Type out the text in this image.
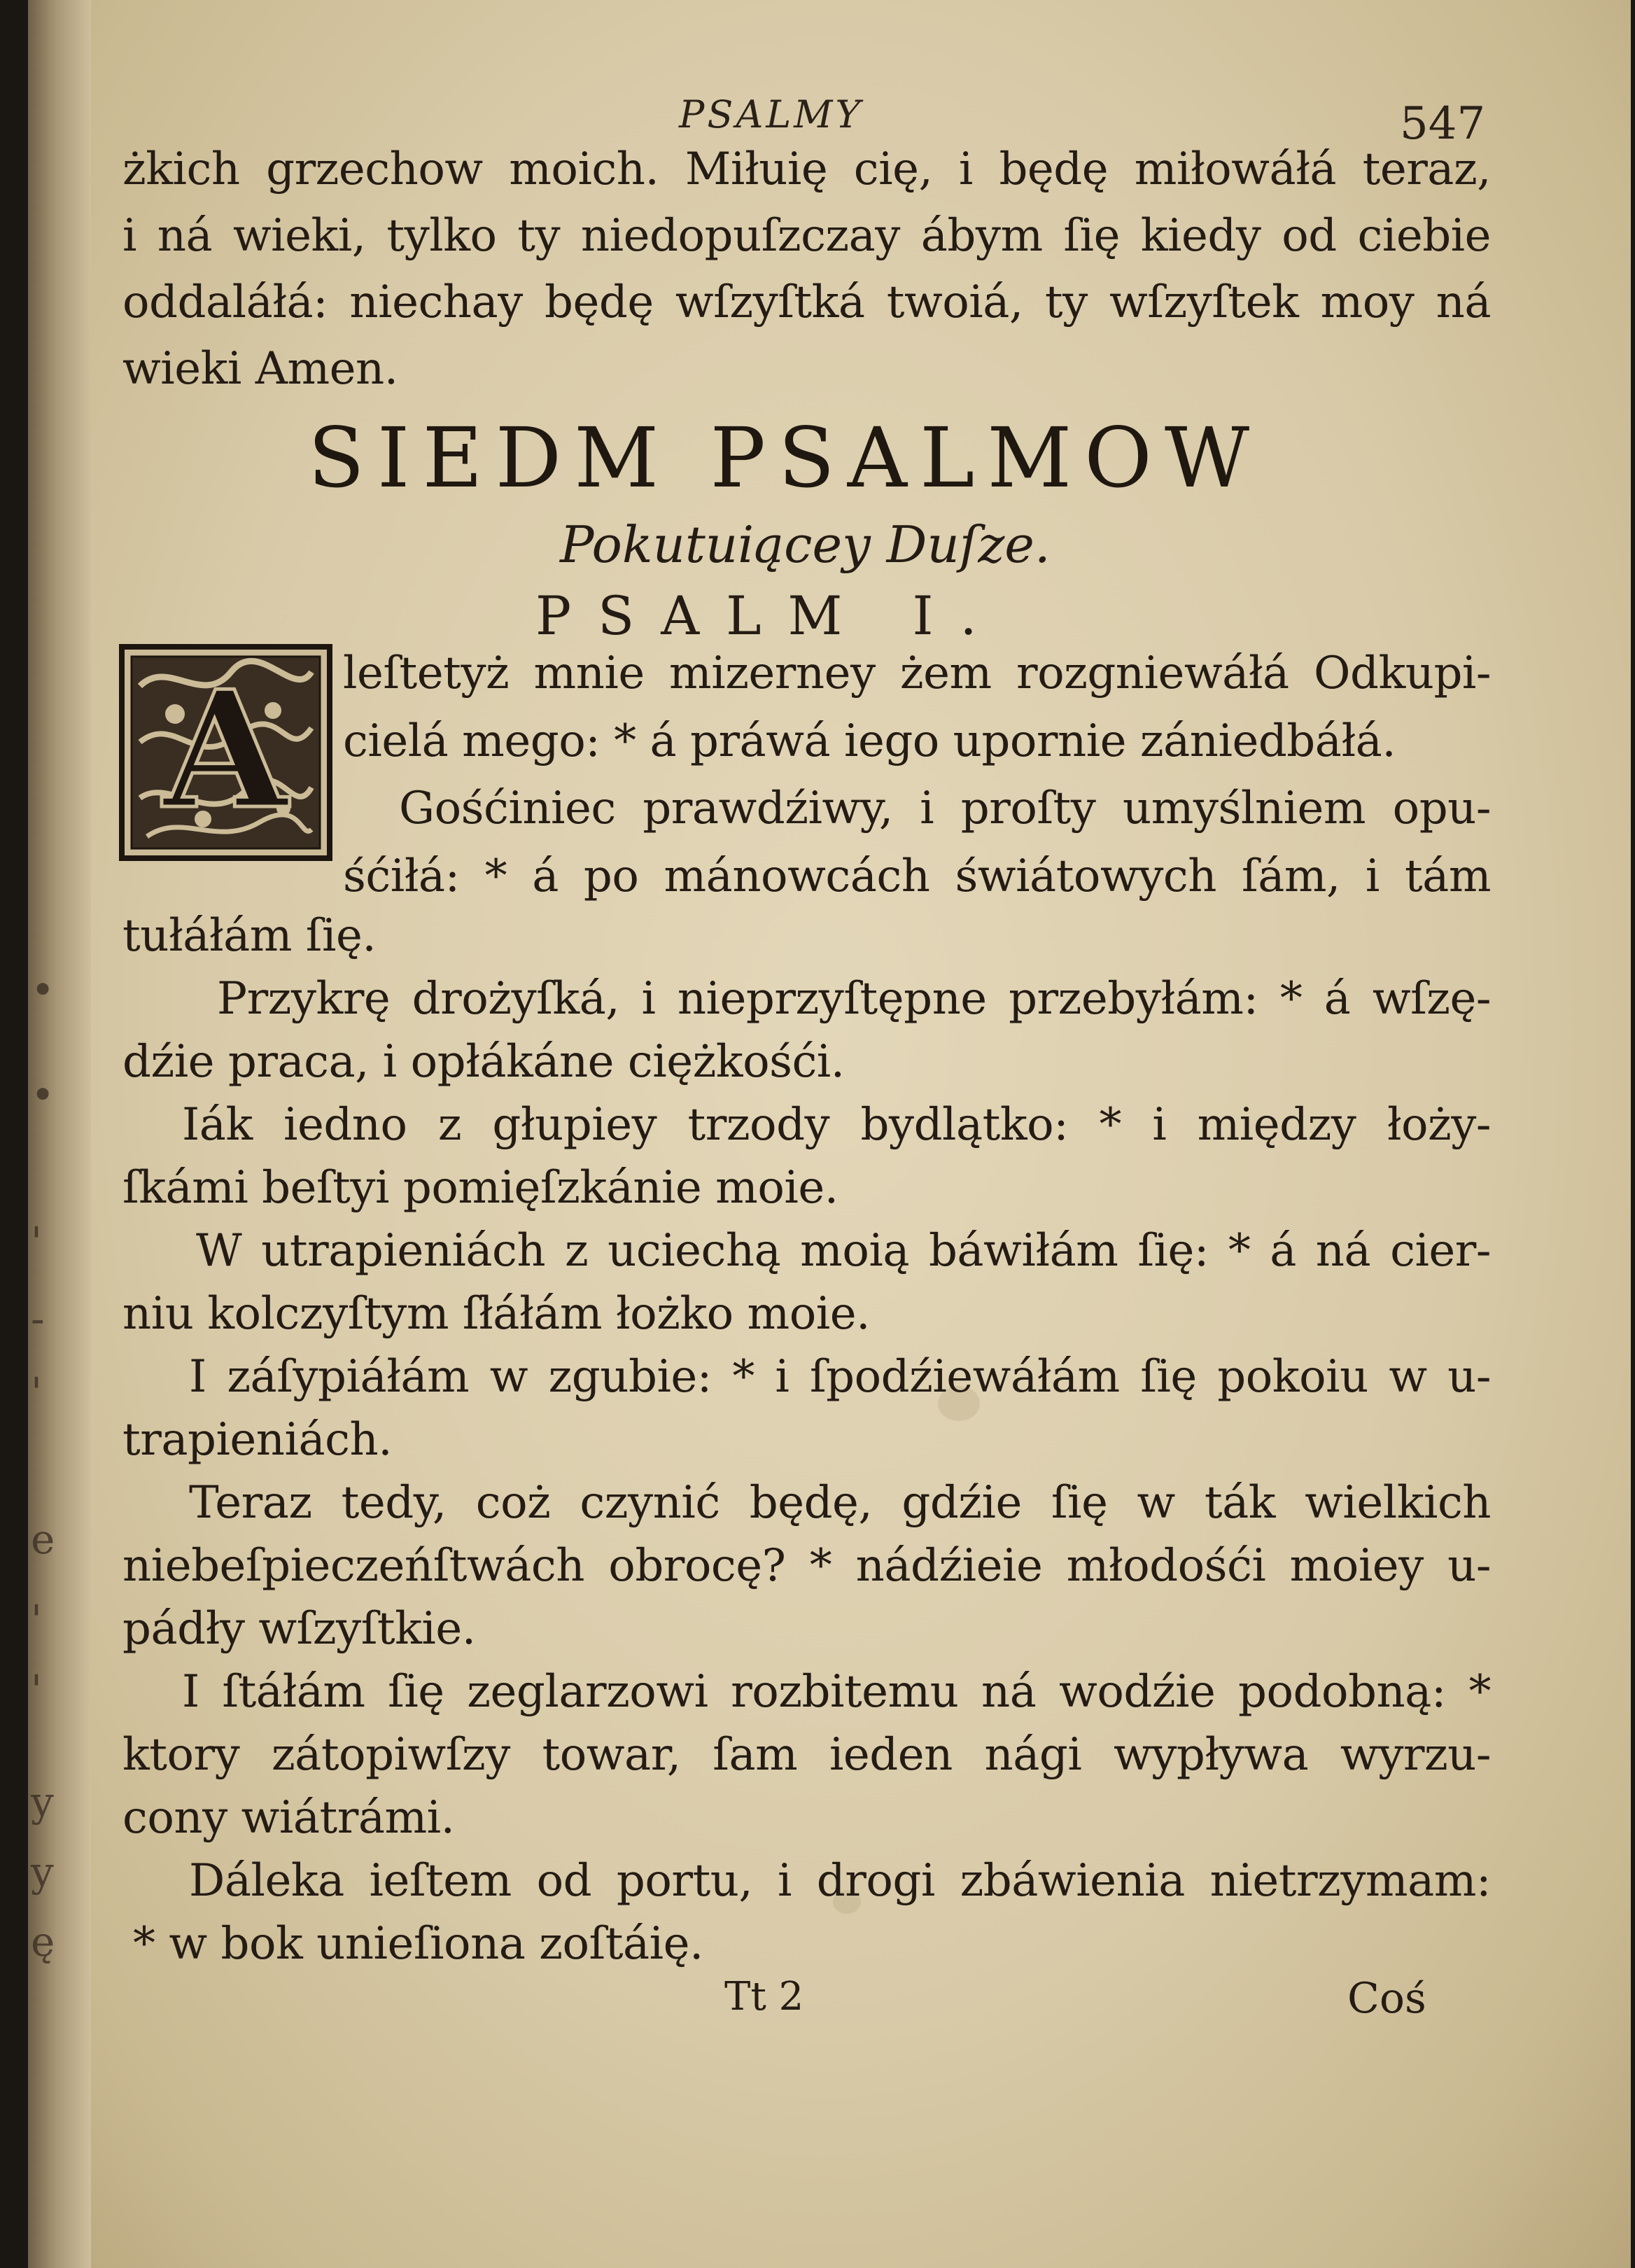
•
•
'
-
'
e
'
'
y
y
ę
PSALMY	547
żkich grzechow moich. Miłuię cię, i będę miłowáłá teraz,
i ná wieki, tylko ty niedopuſzczay ábym ſię kiedy od ciebie
oddaláłá: niechay będę wſzyſtká twoiá, ty wſzyſtek moy ná
wieki Amen.
SIEDM PSALMOW
Pokutuiącey Duſze.
PSALM I.
A leſtetyż mnie mizerney żem rozgniewáłá Odkupi-
cielá mego: * á práwá iego upornie zániedbáłá.
Gośćiniec prawdźiwy, i proſty umyślniem opu-
śćiłá: * á po mánowcách świátowych ſám, i tám
tułáłám ſię.
Przykrę drożyſká, i nieprzyſtępne przebyłám: * á wſzę-
dźie praca, i opłákáne ciężkośći.
Iák iedno z głupiey trzody bydlątko: * i między łoży-
ſkámi beſtyi pomięſzkánie moie.
W utrapieniách z uciechą moią báwiłám ſię: * á ná cier-
niu kolczyſtym ſłáłám łożko moie.
I záſypiáłám w zgubie: * i ſpodźiewáłám ſię pokoiu w u-
trapieniách.
Teraz tedy, coż czynić będę, gdźie ſię w ták wielkich
niebeſpieczeńſtwách obrocę? * nádźieie młodośći moiey u-
pádły wſzyſtkie.
I ſtáłám ſię zeglarzowi rozbitemu ná wodźie podobną: *
ktory zátopiwſzy towar, ſam ieden nági wypływa wyrzu-
cony wiátrámi.
Dáleka ieſtem od portu, i drogi zbáwienia nietrzymam:
* w bok unieſiona zoſtáię.
Tt 2	Coś
